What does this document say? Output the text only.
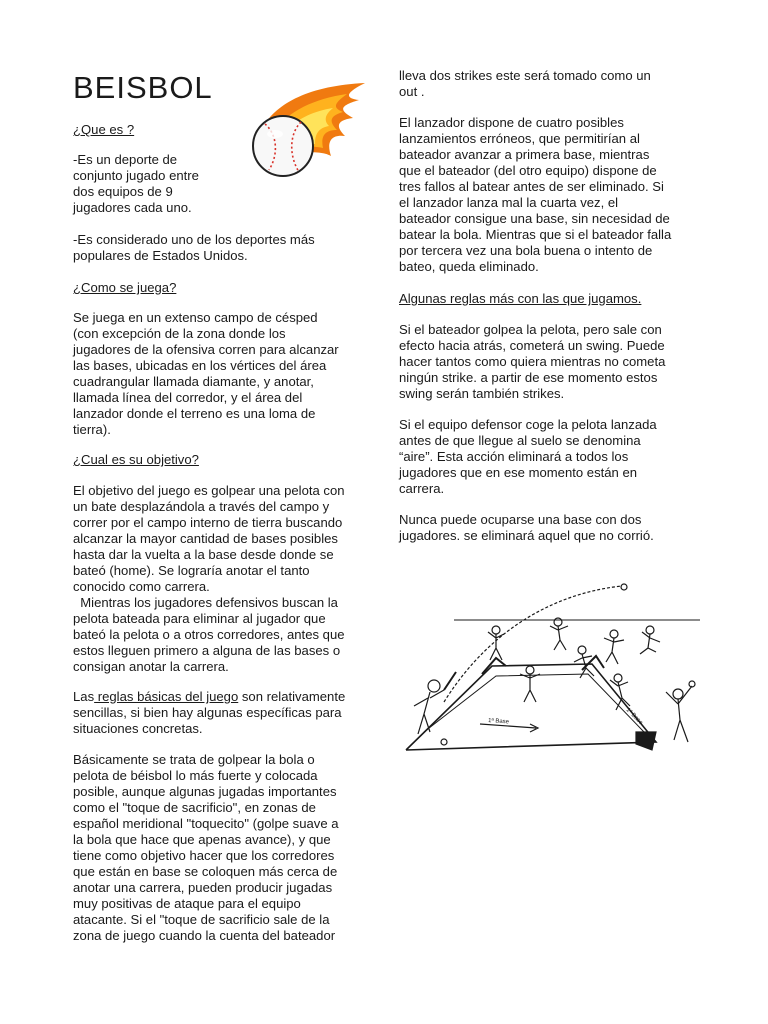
BEISBOL

¿Que es ?

-Es un deporte de

conjunto jugado entre

dos equipos de 9

jugadores cada uno.

-Es considerado uno de los deportes más

populares de Estados Unidos.

¿Como se juega?

Se juega en un extenso campo de césped

(con excepción de la zona donde los

jugadores de la ofensiva corren para alcanzar

las bases, ubicadas en los vértices del área

cuadrangular llamada diamante, y anotar,

llamada línea del corredor, y el área del

lanzador donde el terreno es una loma de

tierra).

¿Cual es su objetivo?

El objetivo del juego es golpear una pelota con

un bate desplazándola a través del campo y

correr por el campo interno de tierra buscando

alcanzar la mayor cantidad de bases posibles

hasta dar la vuelta a la base desde donde se

bateó (home). Se lograría anotar el tanto

conocido como carrera.

Mientras los jugadores defensivos buscan la

pelota bateada para eliminar al jugador que

bateó la pelota o a otros corredores, antes que

estos lleguen primero a alguna de las bases o

consigan anotar la carrera.

Las reglas básicas del juego son relativamente

sencillas, si bien hay algunas específicas para

situaciones concretas.

Básicamente se trata de golpear la bola o

pelota de béisbol lo más fuerte y colocada

posible, aunque algunas jugadas importantes

como el "toque de sacrificio", en zonas de

español meridional "toquecito" (golpe suave a

la bola que hace que apenas avance), y que

tiene como objetivo hacer que los corredores

que están en base se coloquen más cerca de

anotar una carrera, pueden producir jugadas

muy positivas de ataque para el equipo

atacante. Si el "toque de sacrificio sale de la

zona de juego cuando la cuenta del bateador

lleva dos strikes este será tomado como un

out .

El lanzador dispone de cuatro posibles

lanzamientos erróneos, que permitirían al

bateador avanzar a primera base, mientras

que el bateador (del otro equipo) dispone de

tres fallos al batear antes de ser eliminado. Si

el lanzador lanza mal la cuarta vez, el

bateador consigue una base, sin necesidad de

batear la bola. Mientras que si el bateador falla

por tercera vez una bola buena o intento de

bateo, queda eliminado.

Algunas reglas más con las que jugamos.

Si el bateador golpea la pelota, pero sale con

efecto hacia atrás, cometerá un swing. Puede

hacer tantos como quiera mientras no cometa

ningún strike. a partir de ese momento estos

swing serán también strikes.

Si el equipo defensor coge la pelota lanzada

antes de que llegue al suelo se denomina

“aire”. Esta acción eliminará a todos los

jugadores que en ese momento están en

carrera.

Nunca puede ocuparse una base con dos

jugadores. se eliminará aquel que no corrió.

1ª Base	1ª Base
